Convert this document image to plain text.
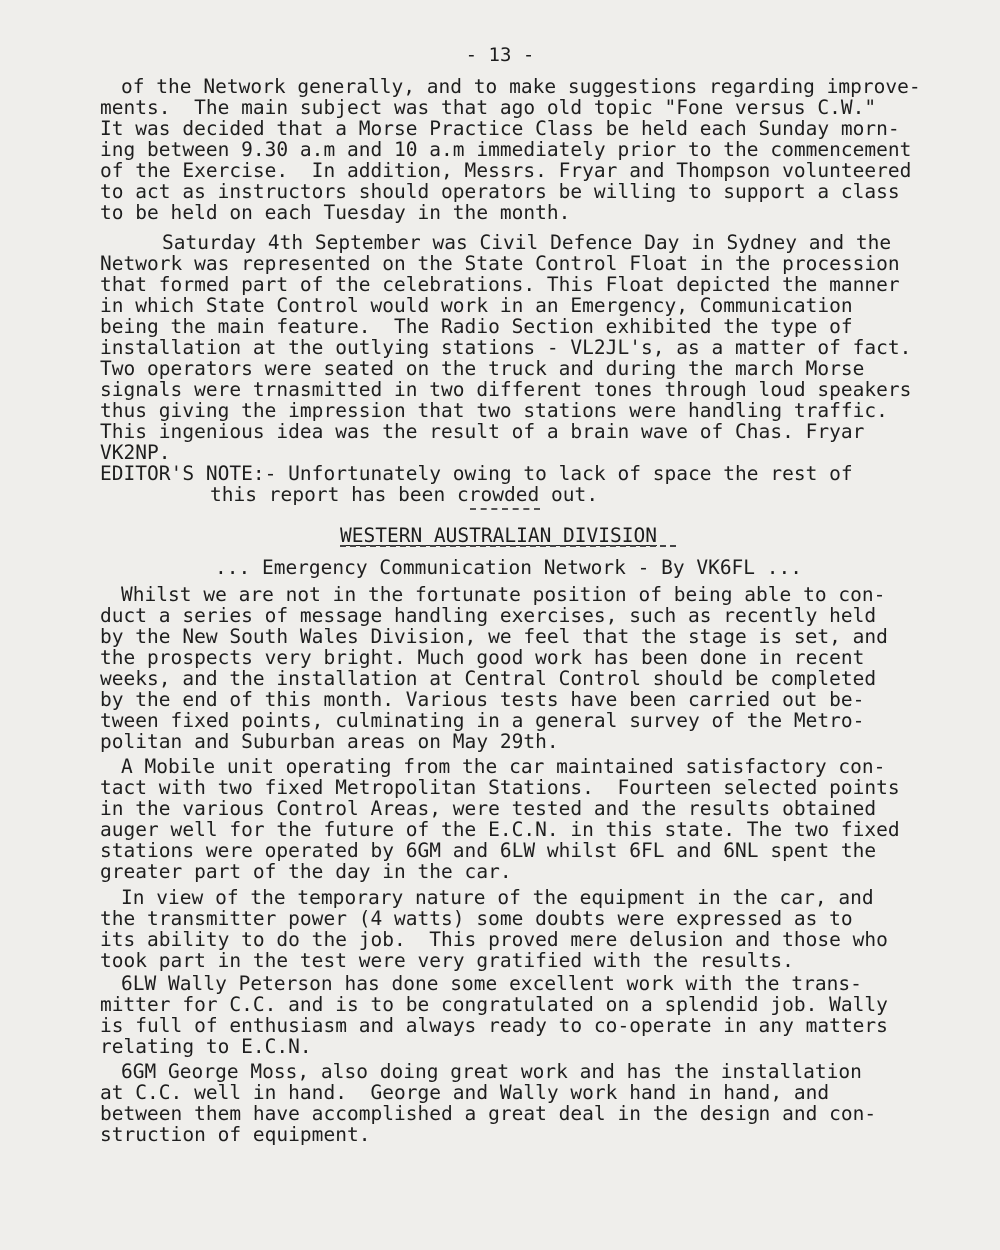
- 13 -
of the Network generally, and to make suggestions regarding improve-
ments.  The main subject was that ago old topic "Fone versus C.W."
It was decided that a Morse Practice Class be held each Sunday morn-
ing between 9.30 a.m and 10 a.m immediately prior to the commencement
of the Exercise.  In addition, Messrs. Fryar and Thompson volunteered
to act as instructors should operators be willing to support a class
to be held on each Tuesday in the month.
Saturday 4th September was Civil Defence Day in Sydney and the
Network was represented on the State Control Float in the procession
that formed part of the celebrations. This Float depicted the manner
in which State Control would work in an Emergency, Communication
being the main feature.  The Radio Section exhibited the type of
installation at the outlying stations - VL2JL's, as a matter of fact.
Two operators were seated on the truck and during the march Morse
signals were trnasmitted in two different tones through loud speakers
thus giving the impression that two stations were handling traffic.
This ingenious idea was the result of a brain wave of Chas. Fryar
VK2NP.
EDITOR'S NOTE:- Unfortunately owing to lack of space the rest of
this report has been crowded out.
WESTERN AUSTRALIAN DIVISION
... Emergency Communication Network - By VK6FL ...
Whilst we are not in the fortunate position of being able to con-
duct a series of message handling exercises, such as recently held
by the New South Wales Division, we feel that the stage is set, and
the prospects very bright. Much good work has been done in recent
weeks, and the installation at Central Control should be completed
by the end of this month. Various tests have been carried out be-
tween fixed points, culminating in a general survey of the Metro-
politan and Suburban areas on May 29th.
A Mobile unit operating from the car maintained satisfactory con-
tact with two fixed Metropolitan Stations.  Fourteen selected points
in the various Control Areas, were tested and the results obtained
auger well for the future of the E.C.N. in this state. The two fixed
stations were operated by 6GM and 6LW whilst 6FL and 6NL spent the
greater part of the day in the car.
In view of the temporary nature of the equipment in the car, and
the transmitter power (4 watts) some doubts were expressed as to
its ability to do the job.  This proved mere delusion and those who
took part in the test were very gratified with the results.
6LW Wally Peterson has done some excellent work with the trans-
mitter for C.C. and is to be congratulated on a splendid job. Wally
is full of enthusiasm and always ready to co-operate in any matters
relating to E.C.N.
6GM George Moss, also doing great work and has the installation
at C.C. well in hand.  George and Wally work hand in hand, and
between them have accomplished a great deal in the design and con-
struction of equipment.
